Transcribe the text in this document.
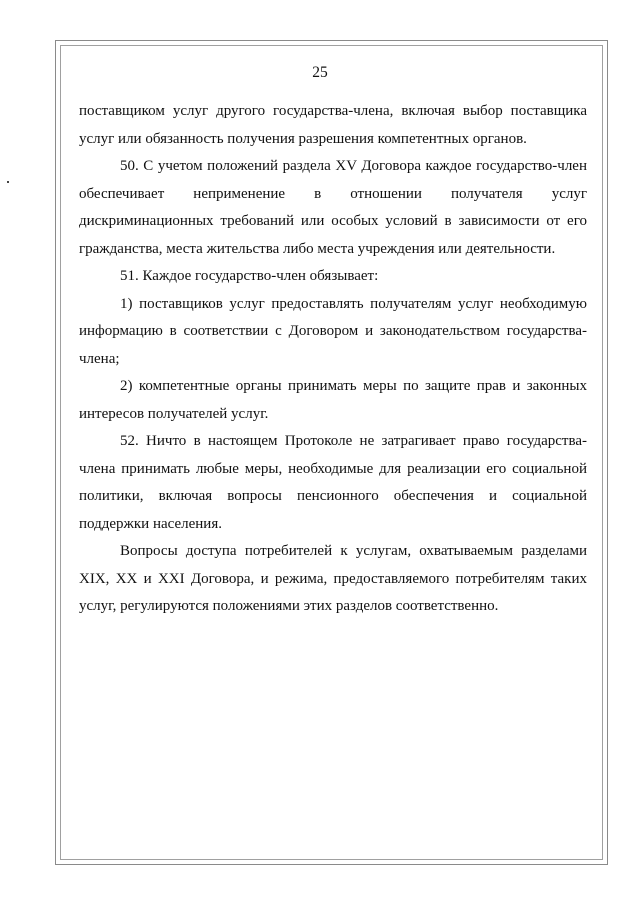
25

поставщиком услуг другого государства-члена, включая выбор поставщика услуг или обязанность получения разрешения компетентных органов.

50. С учетом положений раздела XV Договора каждое государство-член обеспечивает неприменение в отношении получателя услуг дискриминационных требований или особых условий в зависимости от его гражданства, места жительства либо места учреждения или деятельности.

51. Каждое государство-член обязывает:

1) поставщиков услуг предоставлять получателям услуг необходимую информацию в соответствии с Договором и законодательством государства-члена;

2) компетентные органы принимать меры по защите прав и законных интересов получателей услуг.

52. Ничто в настоящем Протоколе не затрагивает право государства-члена принимать любые меры, необходимые для реализации его социальной политики, включая вопросы пенсионного обеспечения и социальной поддержки населения.

Вопросы доступа потребителей к услугам, охватываемым разделами XIX, XX и XXI Договора, и режима, предоставляемого потребителям таких услуг, регулируются положениями этих разделов соответственно.
